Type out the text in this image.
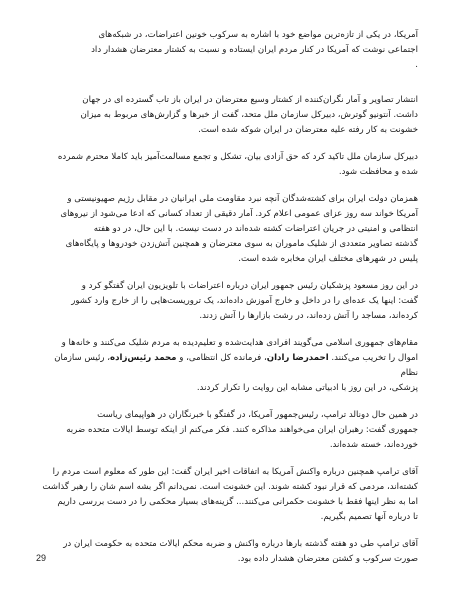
آمریکا، در یکی از تازه‌ترین مواضع خود با اشاره به سرکوب خونین اعتراضات، در شبکه‌های
اجتماعی نوشت که آمریکا در کنار مردم ایران ایستاده و نسبت به کشتار معترضان هشدار داد
.

انتشار تصاویر و آمار نگران‌کننده از کشتار وسیع معترضان در ایران باز تاب گسترده ای در جهان
داشت. آنتونیو گوترش، دبیرکل سازمان ملل متحد، گفت از خبرها و گزارش‌های مربوط به میزان
خشونت به کار رفته علیه معترضان در ایران شوکه شده است.

دبیرکل سازمان ملل تاکید کرد که حق آزادی بیان، تشکل و تجمع مسالمت‌آمیز باید کاملا محترم شمرده
شده و محافظت شود.

همزمان دولت ایران برای کشته‌شدگان آنچه نبرد مقاومت ملی ایرانیان در مقابل رژیم صهیونیستی و
آمریکا خواند سه روز عزای عمومی اعلام کرد. آمار دقیقی از تعداد کسانی که ادعا می‌شود از نیروهای
انتظامی و امنیتی در جریان اعتراضات کشته شده‌اند در دست نیست. با این حال، در دو هفته
گذشته تصاویر متعددی از شلیک ماموران به سوی معترضان و همچنین آتش‌زدن خودروها و پایگاه‌های
پلیس در شهرهای مختلف ایران مخابره شده است.

در این روز مسعود پزشکیان رئیس جمهور ایران درباره اعتراضات با تلویزیون ایران گفتگو کرد و
گفت: اینها یک عده‌ای را در داخل و خارج آموزش داده‌اند، یک تروریست‌هایی را از خارج وارد کشور
کرده‌اند، مساجد را آتش زده‌اند، در رشت بازارها را آتش زدند.

مقام‌های جمهوری اسلامی می‌گویند افرادی هدایت‌شده و تعلیم‌دیده به مردم شلیک می‌کنند و خانه‌ها و
اموال را تخریب می‌کنند. احمدرضا رادان، فرمانده کل انتظامی، و محمد رئیس‌زاده، رئیس سازمان نظام
پزشکی، در این روز با ادبیاتی مشابه این روایت را تکرار کردند.

در همین حال دونالد ترامپ، رئیس‌جمهور آمریکا، در گفتگو با خبرنگاران در هواپیمای ریاست
جمهوری گفت: رهبران ایران می‌خواهند مذاکره کنند. فکر می‌کنم از اینکه توسط ایالات متحده ضربه
خورده‌اند، خسته شده‌اند.

آقای ترامپ همچنین درباره واکنش آمریکا به اتفاقات اخیر ایران گفت: این طور که معلوم است مردم را
کشته‌اند، مردمی که قرار نبود کشته شوند. این خشونت است. نمی‌دانم اگر بشه اسم شان را رهبر گذاشت
اما به نظر اینها فقط با خشونت حکمرانی می‌کنند... گزینه‌های بسیار محکمی را در دست بررسی داریم
تا درباره آنها تصمیم بگیریم.

آقای ترامپ طی دو هفته گذشته بارها درباره واکنش و ضربه محکم ایالات متحده به حکومت ایران در
صورت سرکوب و کشتن معترضان هشدار داده بود.

29
